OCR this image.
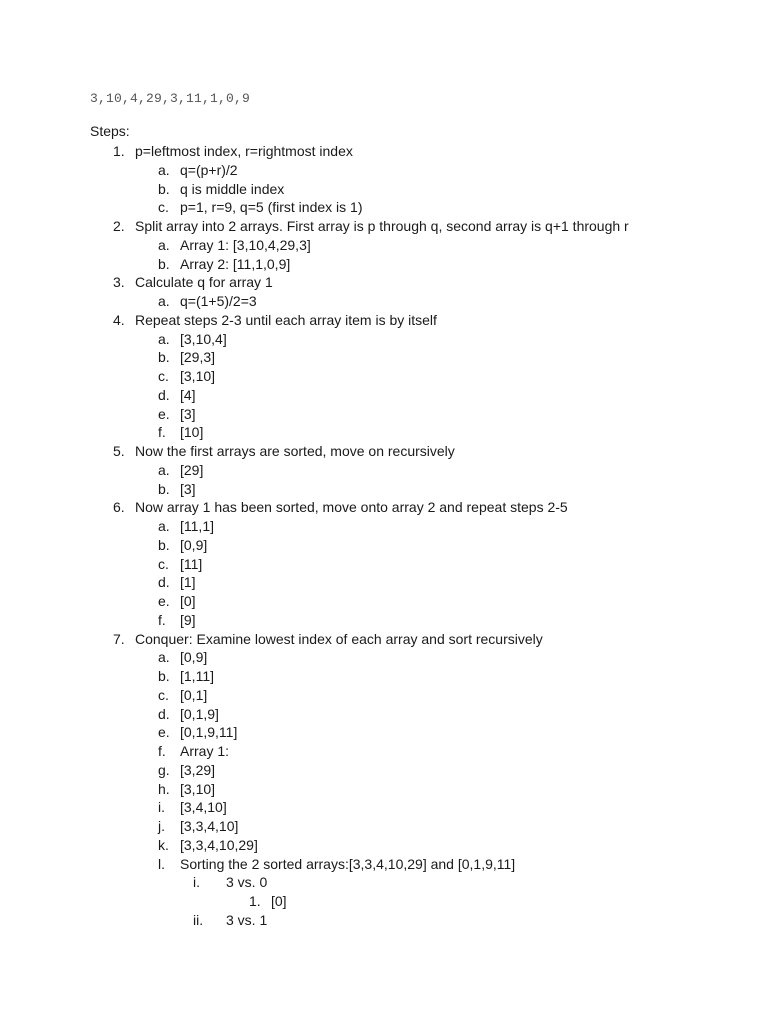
3,10,4,29,3,11,1,0,9
Steps:
1. p=leftmost index, r=rightmost index
a. q=(p+r)/2
b. q is middle index
c. p=1, r=9, q=5 (first index is 1)
2. Split array into 2 arrays. First array is p through q, second array is q+1 through r
a. Array 1: [3,10,4,29,3]
b. Array 2: [11,1,0,9]
3. Calculate q for array 1
a. q=(1+5)/2=3
4. Repeat steps 2-3 until each array item is by itself
a. [3,10,4]
b. [29,3]
c. [3,10]
d. [4]
e. [3]
f. [10]
5. Now the first arrays are sorted, move on recursively
a. [29]
b. [3]
6. Now array 1 has been sorted, move onto array 2 and repeat steps 2-5
a. [11,1]
b. [0,9]
c. [11]
d. [1]
e. [0]
f. [9]
7. Conquer: Examine lowest index of each array and sort recursively
a. [0,9]
b. [1,11]
c. [0,1]
d. [0,1,9]
e. [0,1,9,11]
f. Array 1:
g. [3,29]
h. [3,10]
i. [3,4,10]
j. [3,3,4,10]
k. [3,3,4,10,29]
l. Sorting the 2 sorted arrays:[3,3,4,10,29] and [0,1,9,11]
i. 3 vs. 0
1. [0]
ii. 3 vs. 1
